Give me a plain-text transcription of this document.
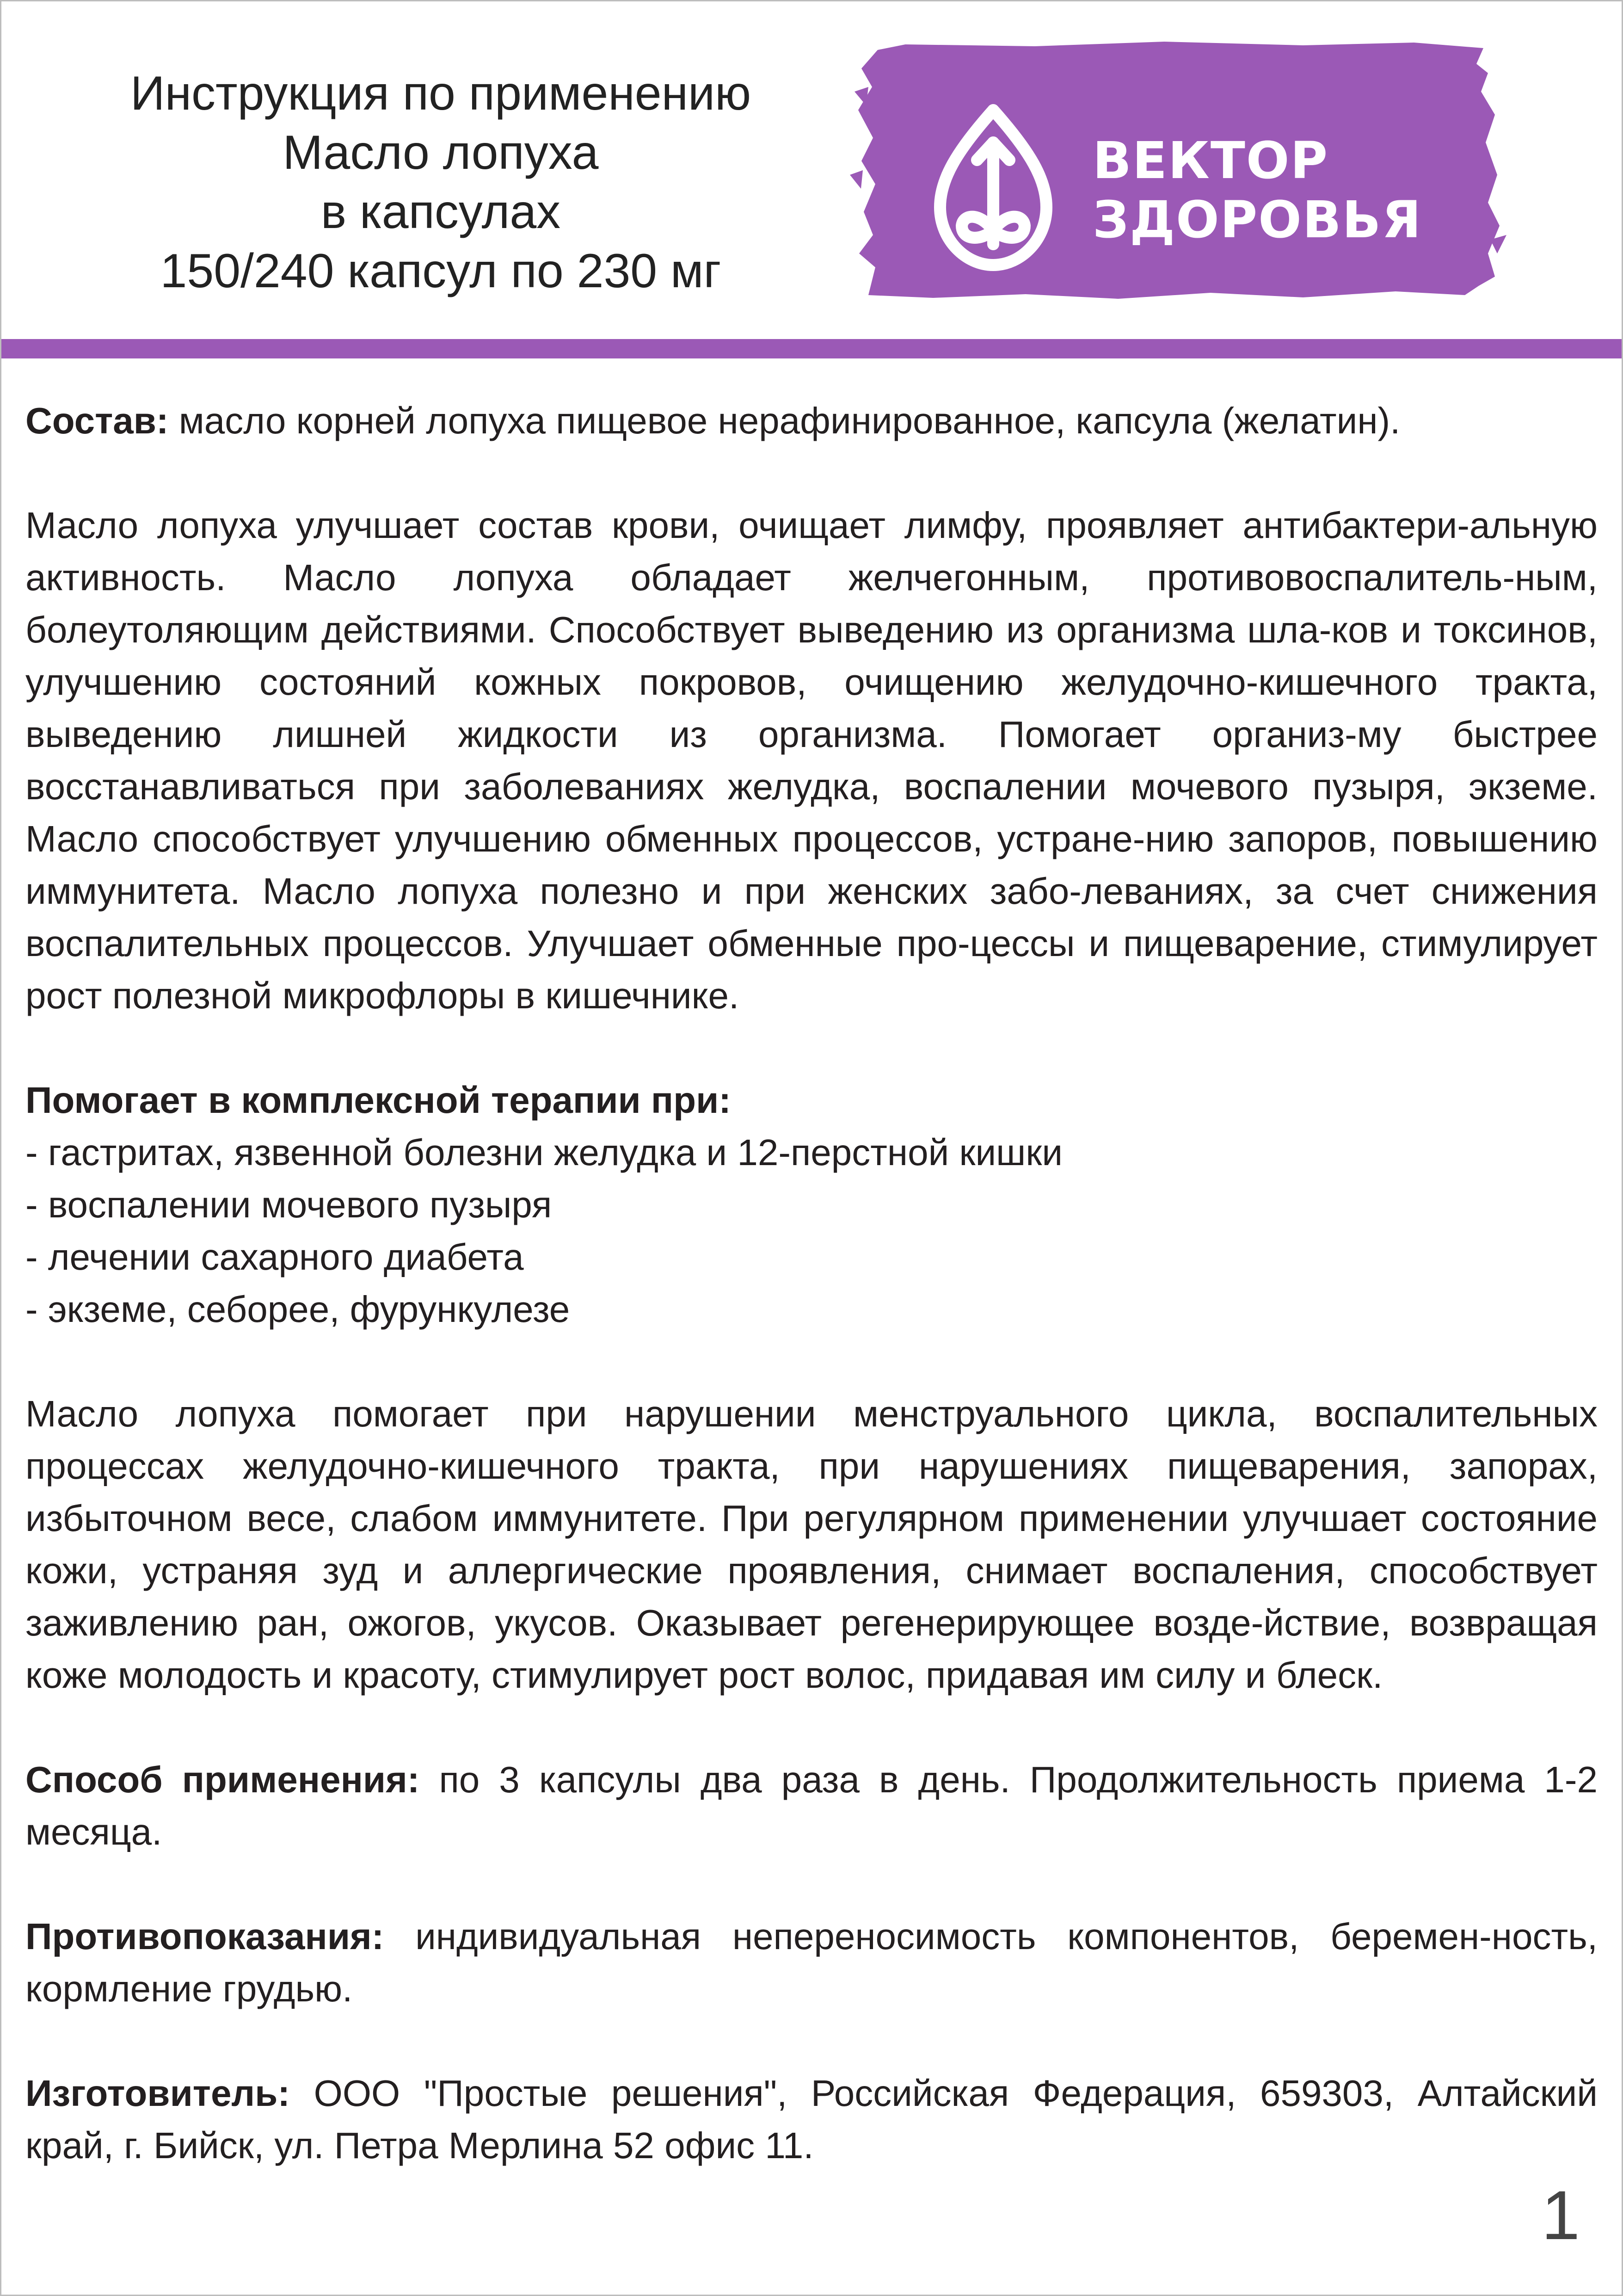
Инструкция по применению
Масло лопуха
в капсулах
150/240 капсул по 230 мг
ВЕКТОР
ЗДОРОВЬЯ

Состав: масло корней лопуха пищевое нерафинированное, капсула (желатин).

Масло лопуха улучшает состав крови, очищает лимфу, проявляет антибактери-альную активность. Масло лопуха обладает желчегонным, противовоспалитель-ным, болеутоляющим действиями. Способствует выведению из организма шла-ков и токсинов, улучшению состояний кожных покровов, очищению желудочно-кишечного тракта, выведению лишней жидкости из организма. Помогает организ-му быстрее восстанавливаться при заболеваниях желудка, воспалении мочевого пузыря, экземе. Масло способствует улучшению обменных процессов, устране-нию запоров, повышению иммунитета. Масло лопуха полезно и при женских забо-леваниях, за счет снижения воспалительных процессов. Улучшает обменные про-цессы и пищеварение, стимулирует рост полезной микрофлоры в кишечнике.

Помогает в комплексной терапии при:

- гастритах, язвенной болезни желудка и 12-перстной кишки
- воспалении мочевого пузыря
- лечении сахарного диабета
- экземе, себорее, фурункулезе

Масло лопуха помогает при нарушении менструального цикла, воспалительных процессах желудочно-кишечного тракта, при нарушениях пищеварения, запорах, избыточном весе, слабом иммунитете. При регулярном применении улучшает состояние кожи, устраняя зуд и аллергические проявления, снимает воспаления, способствует заживлению ран, ожогов, укусов. Оказывает регенерирующее возде-йствие, возвращая коже молодость и красоту, стимулирует рост волос, придавая им силу и блеск.

Способ применения: по 3 капсулы два раза в день. Продолжительность приема 1-2 месяца.

Противопоказания: индивидуальная непереносимость компонентов, беремен-ность, кормление грудью.

Изготовитель: ООО "Простые решения", Российская Федерация, 659303, Алтайский край, г. Бийск, ул. Петра Мерлина 52 офис 11.

1
